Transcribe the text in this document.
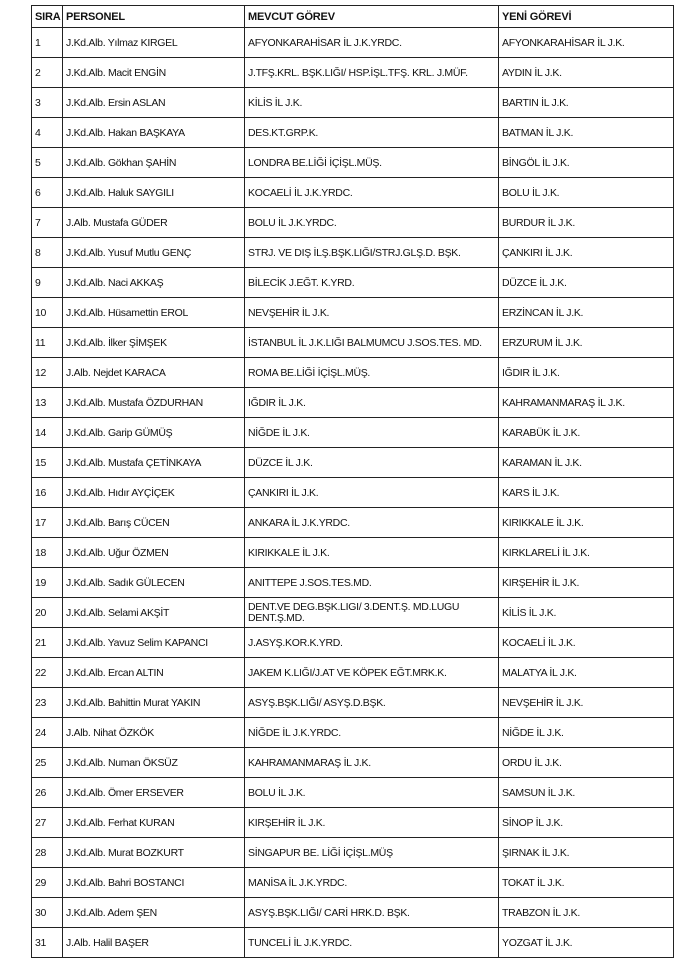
SIRA	PERSONEL	MEVCUT GÖREV	YENİ GÖREVİ
1	J.Kd.Alb. Yılmaz KIRGEL	AFYONKARAHİSAR İL J.K.YRDC.	AFYONKARAHİSAR İL J.K.
2	J.Kd.Alb. Macit ENGİN	J.TFŞ.KRL. BŞK.LIĞI/ HSP.İŞL.TFŞ. KRL. J.MÜF.	AYDIN İL J.K.
3	J.Kd.Alb. Ersin ASLAN	KİLİS İL J.K.	BARTIN İL J.K.
4	J.Kd.Alb. Hakan BAŞKAYA	DES.KT.GRP.K.	BATMAN İL J.K.
5	J.Kd.Alb. Gökhan ŞAHİN	LONDRA BE.LİĞİ İÇİŞL.MÜŞ.	BİNGÖL İL J.K.
6	J.Kd.Alb. Haluk SAYGILI	KOCAELİ İL J.K.YRDC.	BOLU İL J.K.
7	J.Alb. Mustafa GÜDER	BOLU İL J.K.YRDC.	BURDUR İL J.K.
8	J.Kd.Alb. Yusuf Mutlu GENÇ	STRJ. VE DIŞ İLŞ.BŞK.LIĞI/STRJ.GLŞ.D. BŞK.	ÇANKIRI İL J.K.
9	J.Kd.Alb. Naci AKKAŞ	BİLECİK J.EĞT. K.YRD.	DÜZCE İL J.K.
10	J.Kd.Alb. Hüsamettin EROL	NEVŞEHİR İL J.K.	ERZİNCAN İL J.K.
11	J.Kd.Alb. İlker ŞİMŞEK	İSTANBUL İL J.K.LIĞI BALMUMCU J.SOS.TES. MD.	ERZURUM İL J.K.
12	J.Alb. Nejdet KARACA	ROMA BE.LİĞİ İÇİŞL.MÜŞ.	IĞDIR İL J.K.
13	J.Kd.Alb. Mustafa ÖZDURHAN	IĞDIR İL J.K.	KAHRAMANMARAŞ İL J.K.
14	J.Kd.Alb. Garip GÜMÜŞ	NİĞDE İL J.K.	KARABÜK İL J.K.
15	J.Kd.Alb. Mustafa ÇETİNKAYA	DÜZCE İL J.K.	KARAMAN İL J.K.
16	J.Kd.Alb. Hıdır AYÇİÇEK	ÇANKIRI İL J.K.	KARS İL J.K.
17	J.Kd.Alb. Barış CÜCEN	ANKARA İL J.K.YRDC.	KIRIKKALE İL J.K.
18	J.Kd.Alb. Uğur ÖZMEN	KIRIKKALE İL J.K.	KIRKLARELİ İL J.K.
19	J.Kd.Alb. Sadık GÜLECEN	ANITTEPE J.SOS.TES.MD.	KIRŞEHİR İL J.K.
20	J.Kd.Alb. Selami AKŞİT	DENT.VE DEG.BŞK.LIGI/ 3.DENT.Ş. MD.LUGU DENT.Ş.MD.	KİLİS İL J.K.
21	J.Kd.Alb. Yavuz Selim KAPANCI	J.ASYŞ.KOR.K.YRD.	KOCAELİ İL J.K.
22	J.Kd.Alb. Ercan ALTIN	JAKEM K.LIĞI/J.AT VE KÖPEK EĞT.MRK.K.	MALATYA İL J.K.
23	J.Kd.Alb. Bahittin Murat YAKIN	ASYŞ.BŞK.LIĞI/ ASYŞ.D.BŞK.	NEVŞEHİR İL J.K.
24	J.Alb. Nihat ÖZKÖK	NİĞDE İL J.K.YRDC.	NİĞDE İL J.K.
25	J.Kd.Alb. Numan ÖKSÜZ	KAHRAMANMARAŞ İL J.K.	ORDU İL J.K.
26	J.Kd.Alb. Ömer ERSEVER	BOLU İL J.K.	SAMSUN İL J.K.
27	J.Kd.Alb. Ferhat KURAN	KIRŞEHİR İL J.K.	SİNOP İL J.K.
28	J.Kd.Alb. Murat BOZKURT	SİNGAPUR BE. LİĞİ İÇİŞL.MÜŞ	ŞIRNAK İL J.K.
29	J.Kd.Alb. Bahri BOSTANCI	MANİSA İL J.K.YRDC.	TOKAT İL J.K.
30	J.Kd.Alb. Adem ŞEN	ASYŞ.BŞK.LIĞI/ CARİ HRK.D. BŞK.	TRABZON İL J.K.
31	J.Alb. Halil BAŞER	TUNCELİ İL J.K.YRDC.	YOZGAT İL J.K.
